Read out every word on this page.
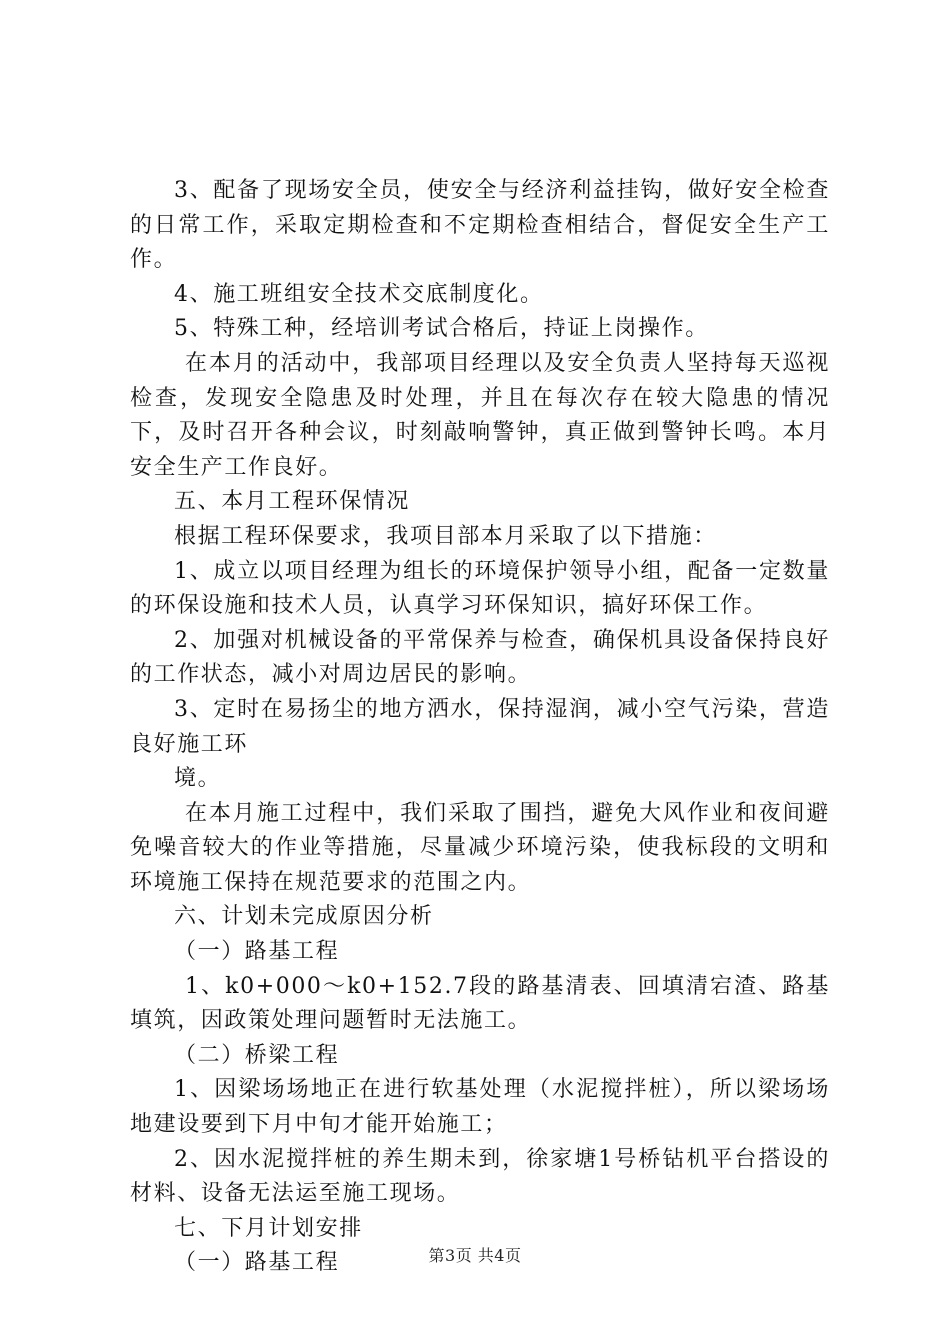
3、配备了现场安全员，使安全与经济利益挂钩，做好安全检查的日常工作，采取定期检查和不定期检查相结合，督促安全生产工作。

4、施工班组安全技术交底制度化。

5、特殊工种，经培训考试合格后，持证上岗操作。

在本月的活动中，我部项目经理以及安全负责人坚持每天巡视检查，发现安全隐患及时处理，并且在每次存在较大隐患的情况下，及时召开各种会议，时刻敲响警钟，真正做到警钟长鸣。本月安全生产工作良好。

五、本月工程环保情况

根据工程环保要求，我项目部本月采取了以下措施：

1、成立以项目经理为组长的环境保护领导小组，配备一定数量的环保设施和技术人员，认真学习环保知识，搞好环保工作。

2、加强对机械设备的平常保养与检查，确保机具设备保持良好的工作状态，减小对周边居民的影响。

3、定时在易扬尘的地方洒水，保持湿润，减小空气污染，营造良好施工环

境。

在本月施工过程中，我们采取了围挡，避免大风作业和夜间避免噪音较大的作业等措施，尽量减少环境污染，使我标段的文明和环境施工保持在规范要求的范围之内。

六、计划未完成原因分析

（一）路基工程

1、k0+000～k0+152.7段的路基清表、回填清宕渣、路基填筑，因政策处理问题暂时无法施工。

（二）桥梁工程

1、因梁场场地正在进行软基处理（水泥搅拌桩），所以梁场场地建设要到下月中旬才能开始施工；

2、因水泥搅拌桩的养生期未到，徐家塘1号桥钻机平台搭设的材料、设备无法运至施工现场。

七、下月计划安排

（一）路基工程	第3页 共4页
